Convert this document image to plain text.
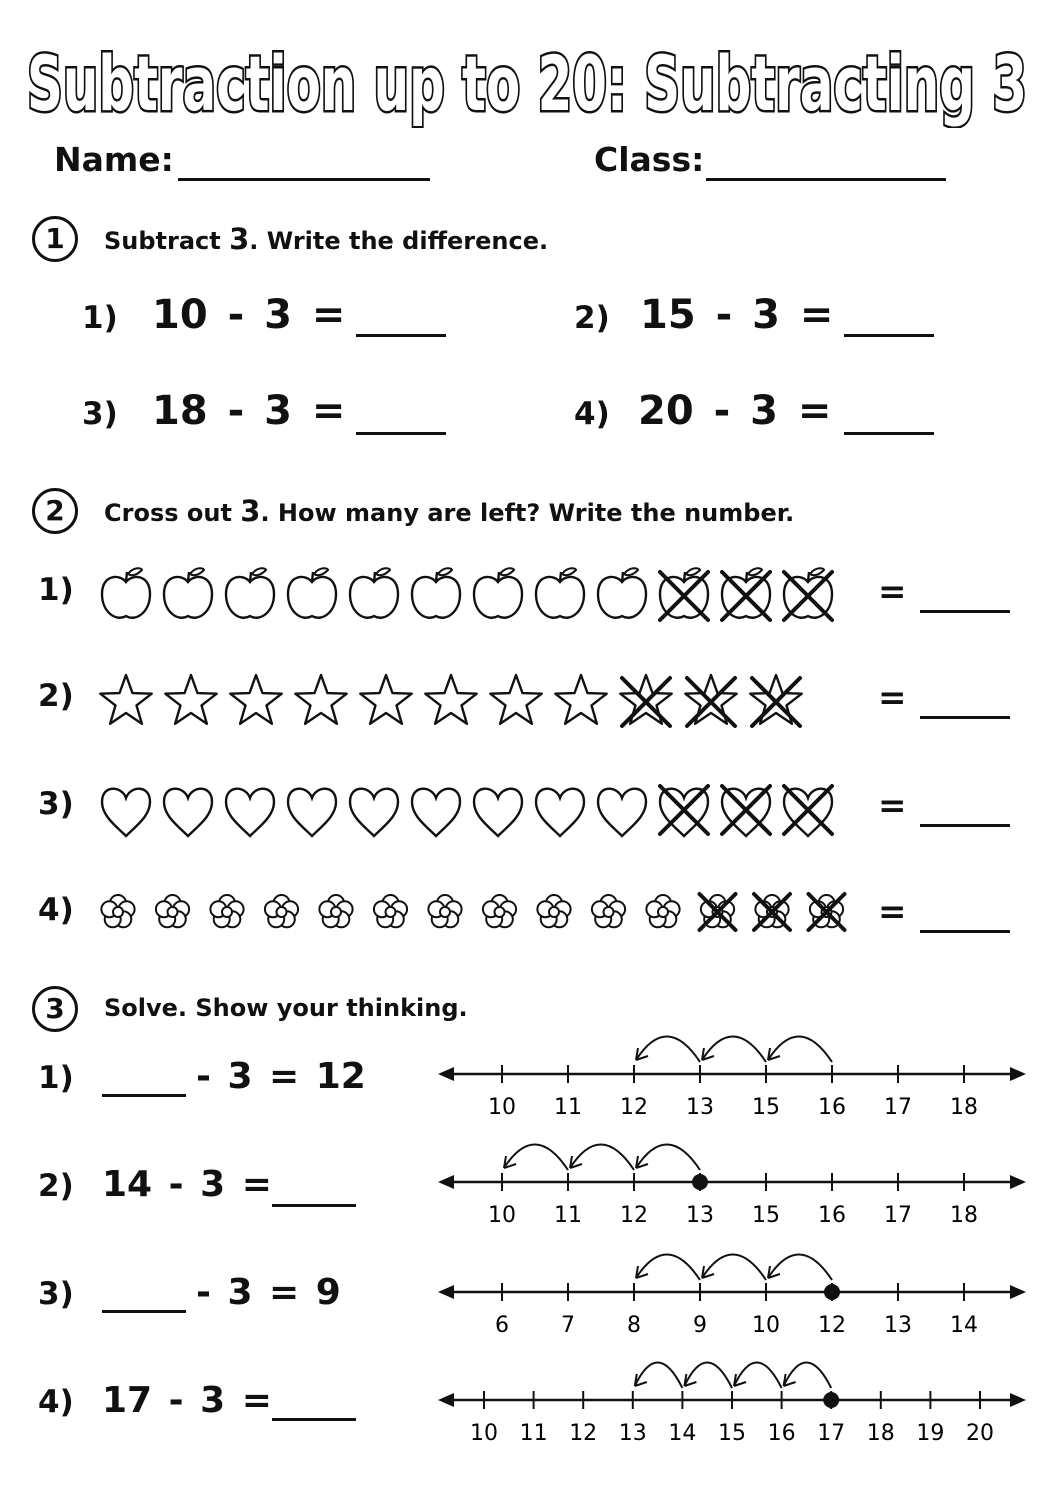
Subtraction up to 20: Subtracting 3
Name:	Class:
1	Subtract 3. Write the difference.
1) 10 - 3 =	2) 15 - 3 =
3) 18 - 3 =	4) 20 - 3 =
2	Cross out 3. How many are left? Write the number.
1)	=
2)	=
3)	=
4)	=
3	Solve. Show your thinking.
1)	- 3 = 12
10 11 12 13 15 16 17 18
2) 14 - 3 =
10 11 12 13 15 16 17 18
3)	- 3 = 9
6 7 8 9 10 12 13 14
4) 17 - 3 =
10 11 12 13 14 15 16 17 18 19 20
